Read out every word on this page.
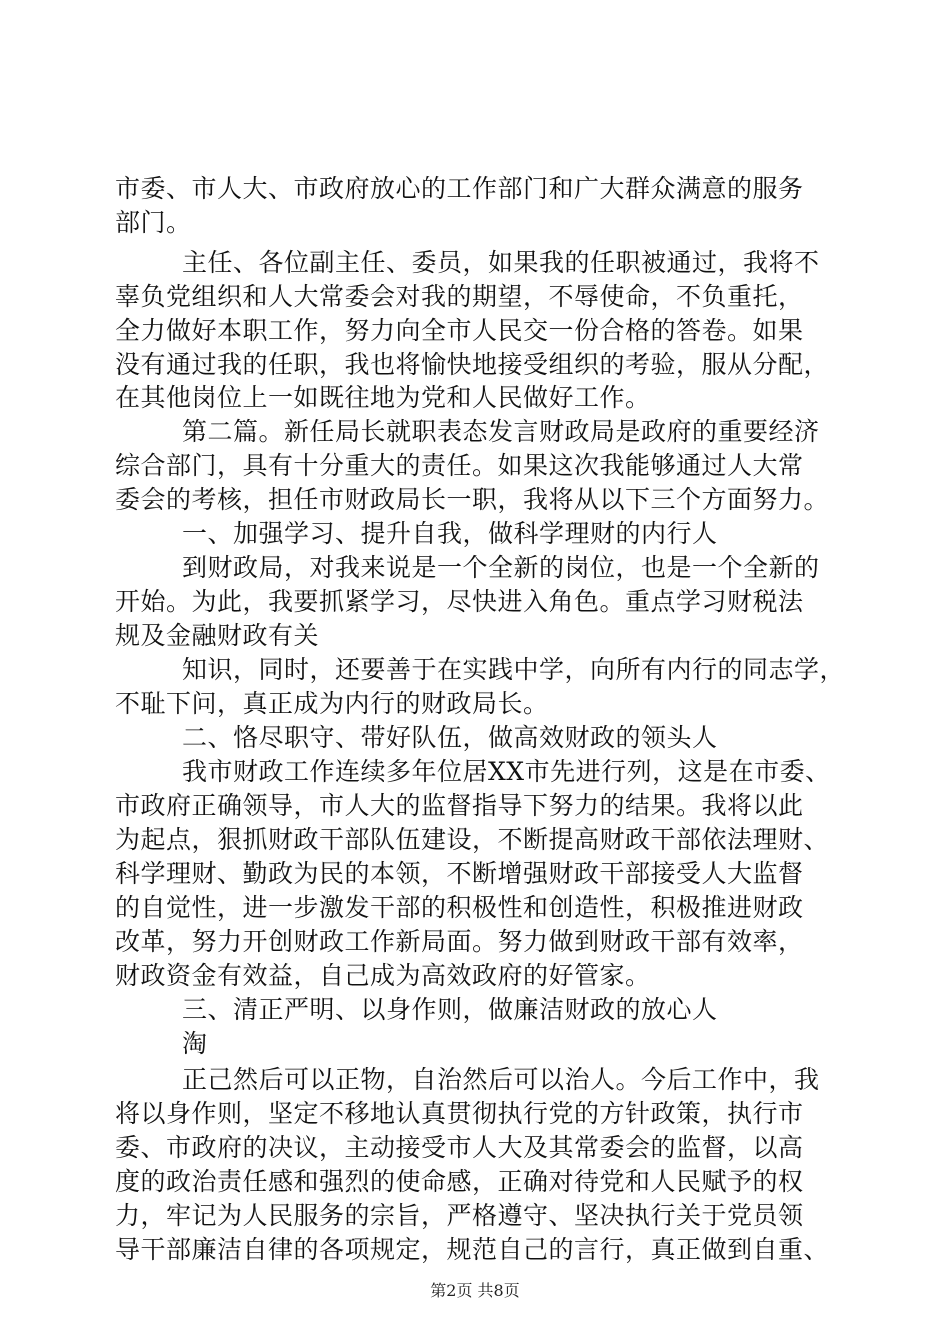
市委、市人大、市政府放心的工作部门和广大群众满意的服务
部门。
主任、各位副主任、委员，如果我的任职被通过，我将不
辜负党组织和人大常委会对我的期望，不辱使命，不负重托，
全力做好本职工作，努力向全市人民交一份合格的答卷。如果
没有通过我的任职，我也将愉快地接受组织的考验，服从分配，
在其他岗位上一如既往地为党和人民做好工作。
第二篇。新任局长就职表态发言财政局是政府的重要经济
综合部门，具有十分重大的责任。如果这次我能够通过人大常
委会的考核，担任市财政局长一职，我将从以下三个方面努力。
一、加强学习、提升自我，做科学理财的内行人
到财政局，对我来说是一个全新的岗位，也是一个全新的
开始。为此，我要抓紧学习，尽快进入角色。重点学习财税法
规及金融财政有关
知识，同时，还要善于在实践中学，向所有内行的同志学，
不耻下问，真正成为内行的财政局长。
二、恪尽职守、带好队伍，做高效财政的领头人
我市财政工作连续多年位居XX市先进行列，这是在市委、
市政府正确领导，市人大的监督指导下努力的结果。我将以此
为起点，狠抓财政干部队伍建设，不断提高财政干部依法理财、
科学理财、勤政为民的本领，不断增强财政干部接受人大监督
的自觉性，进一步激发干部的积极性和创造性，积极推进财政
改革，努力开创财政工作新局面。努力做到财政干部有效率，
财政资金有效益，自己成为高效政府的好管家。
三、清正严明、以身作则，做廉洁财政的放心人
淘
正己然后可以正物，自治然后可以治人。今后工作中，我
将以身作则，坚定不移地认真贯彻执行党的方针政策，执行市
委、市政府的决议，主动接受市人大及其常委会的监督，以高
度的政治责任感和强烈的使命感，正确对待党和人民赋予的权
力，牢记为人民服务的宗旨，严格遵守、坚决执行关于党员领
导干部廉洁自律的各项规定，规范自己的言行，真正做到自重、
第2页 共8页
